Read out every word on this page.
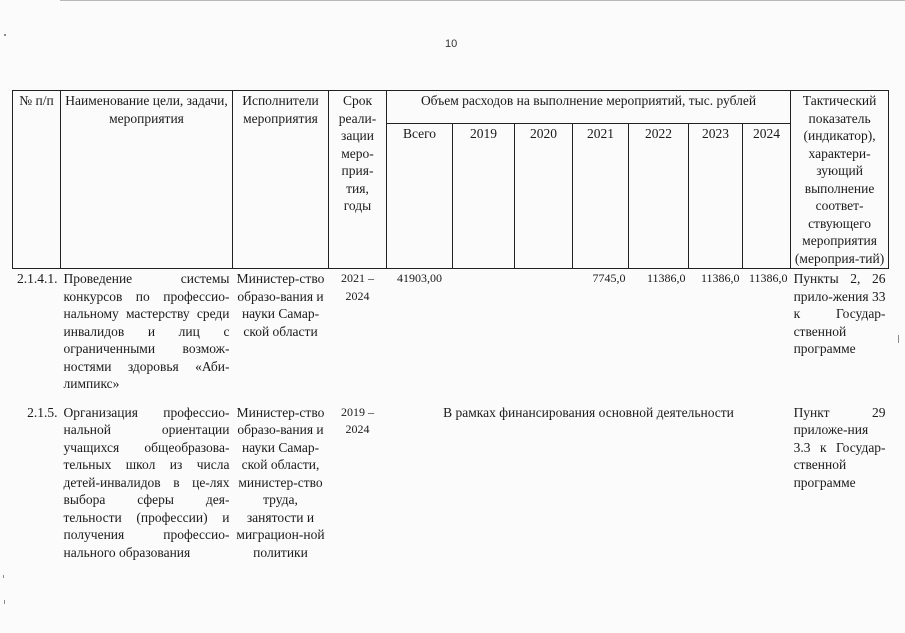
10
№ п/п	Наименование цели, задачи, мероприятия	Исполнители мероприятия	Срок реали-зации меро-прия-тия, годы	Объем расходов на выполнение мероприятий, тыс. рублей							Тактический показатель (индикатор), характери-зующий выполнение соответ-ствующего мероприятия (мероприя-тий)
				Всего	2019	2020	2021	2022	2023	2024	
2.1.4.1.	Проведение системы конкурсов по профессио-нальному мастерству среди инвалидов и лиц с ограниченными возмож-ностями здоровья «Аби-лимпикс»	Министер-ство образо-вания и науки Самар-ской области	2021 – 2024	41903,00			7745,0	11386,0	11386,0	11386,0	Пункты 2, 26 прило-жения 33 к Государ-ственной программе
2.1.5.	Организация профессио-нальной ориентации учащихся общеобразова-тельных школ из числа детей-инвалидов в це-лях выбора сферы дея-тельности (профессии) и получения профессио-нального образования	Министер-ство образо-вания и науки Самар-ской области, министер-ство труда, занятости и миграцион-ной политики	2019 – 2024	В рамках финансирования основной деятельности							Пункт 29 приложе-ния 3.3 к Государ-ственной программе
